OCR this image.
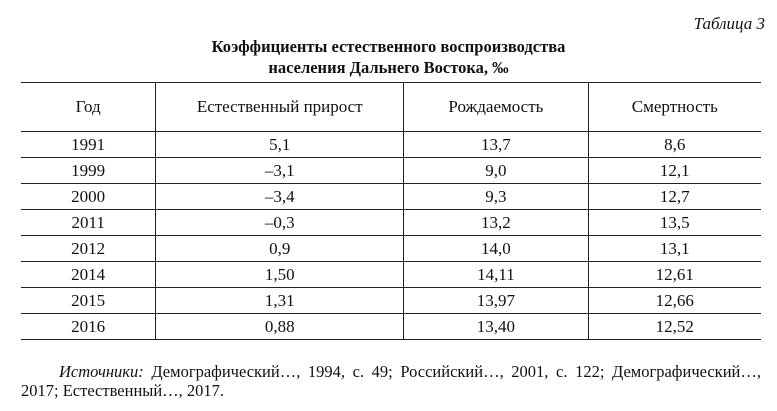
Таблица 3
Коэффициенты естественного воспроизводства
населения Дальнего Востока, ‰
Год	Естественный прирост	Рождаемость	Смертность
1991	5,1	13,7	8,6
1999	–3,1	9,0	12,1
2000	–3,4	9,3	12,7
2011	–0,3	13,2	13,5
2012	0,9	14,0	13,1
2014	1,50	14,11	12,61
2015	1,31	13,97	12,66
2016	0,88	13,40	12,52
Источники: Демографический…, 1994, с. 49; Российский…, 2001, с. 122; Демографический…, 2017; Естественный…, 2017.
